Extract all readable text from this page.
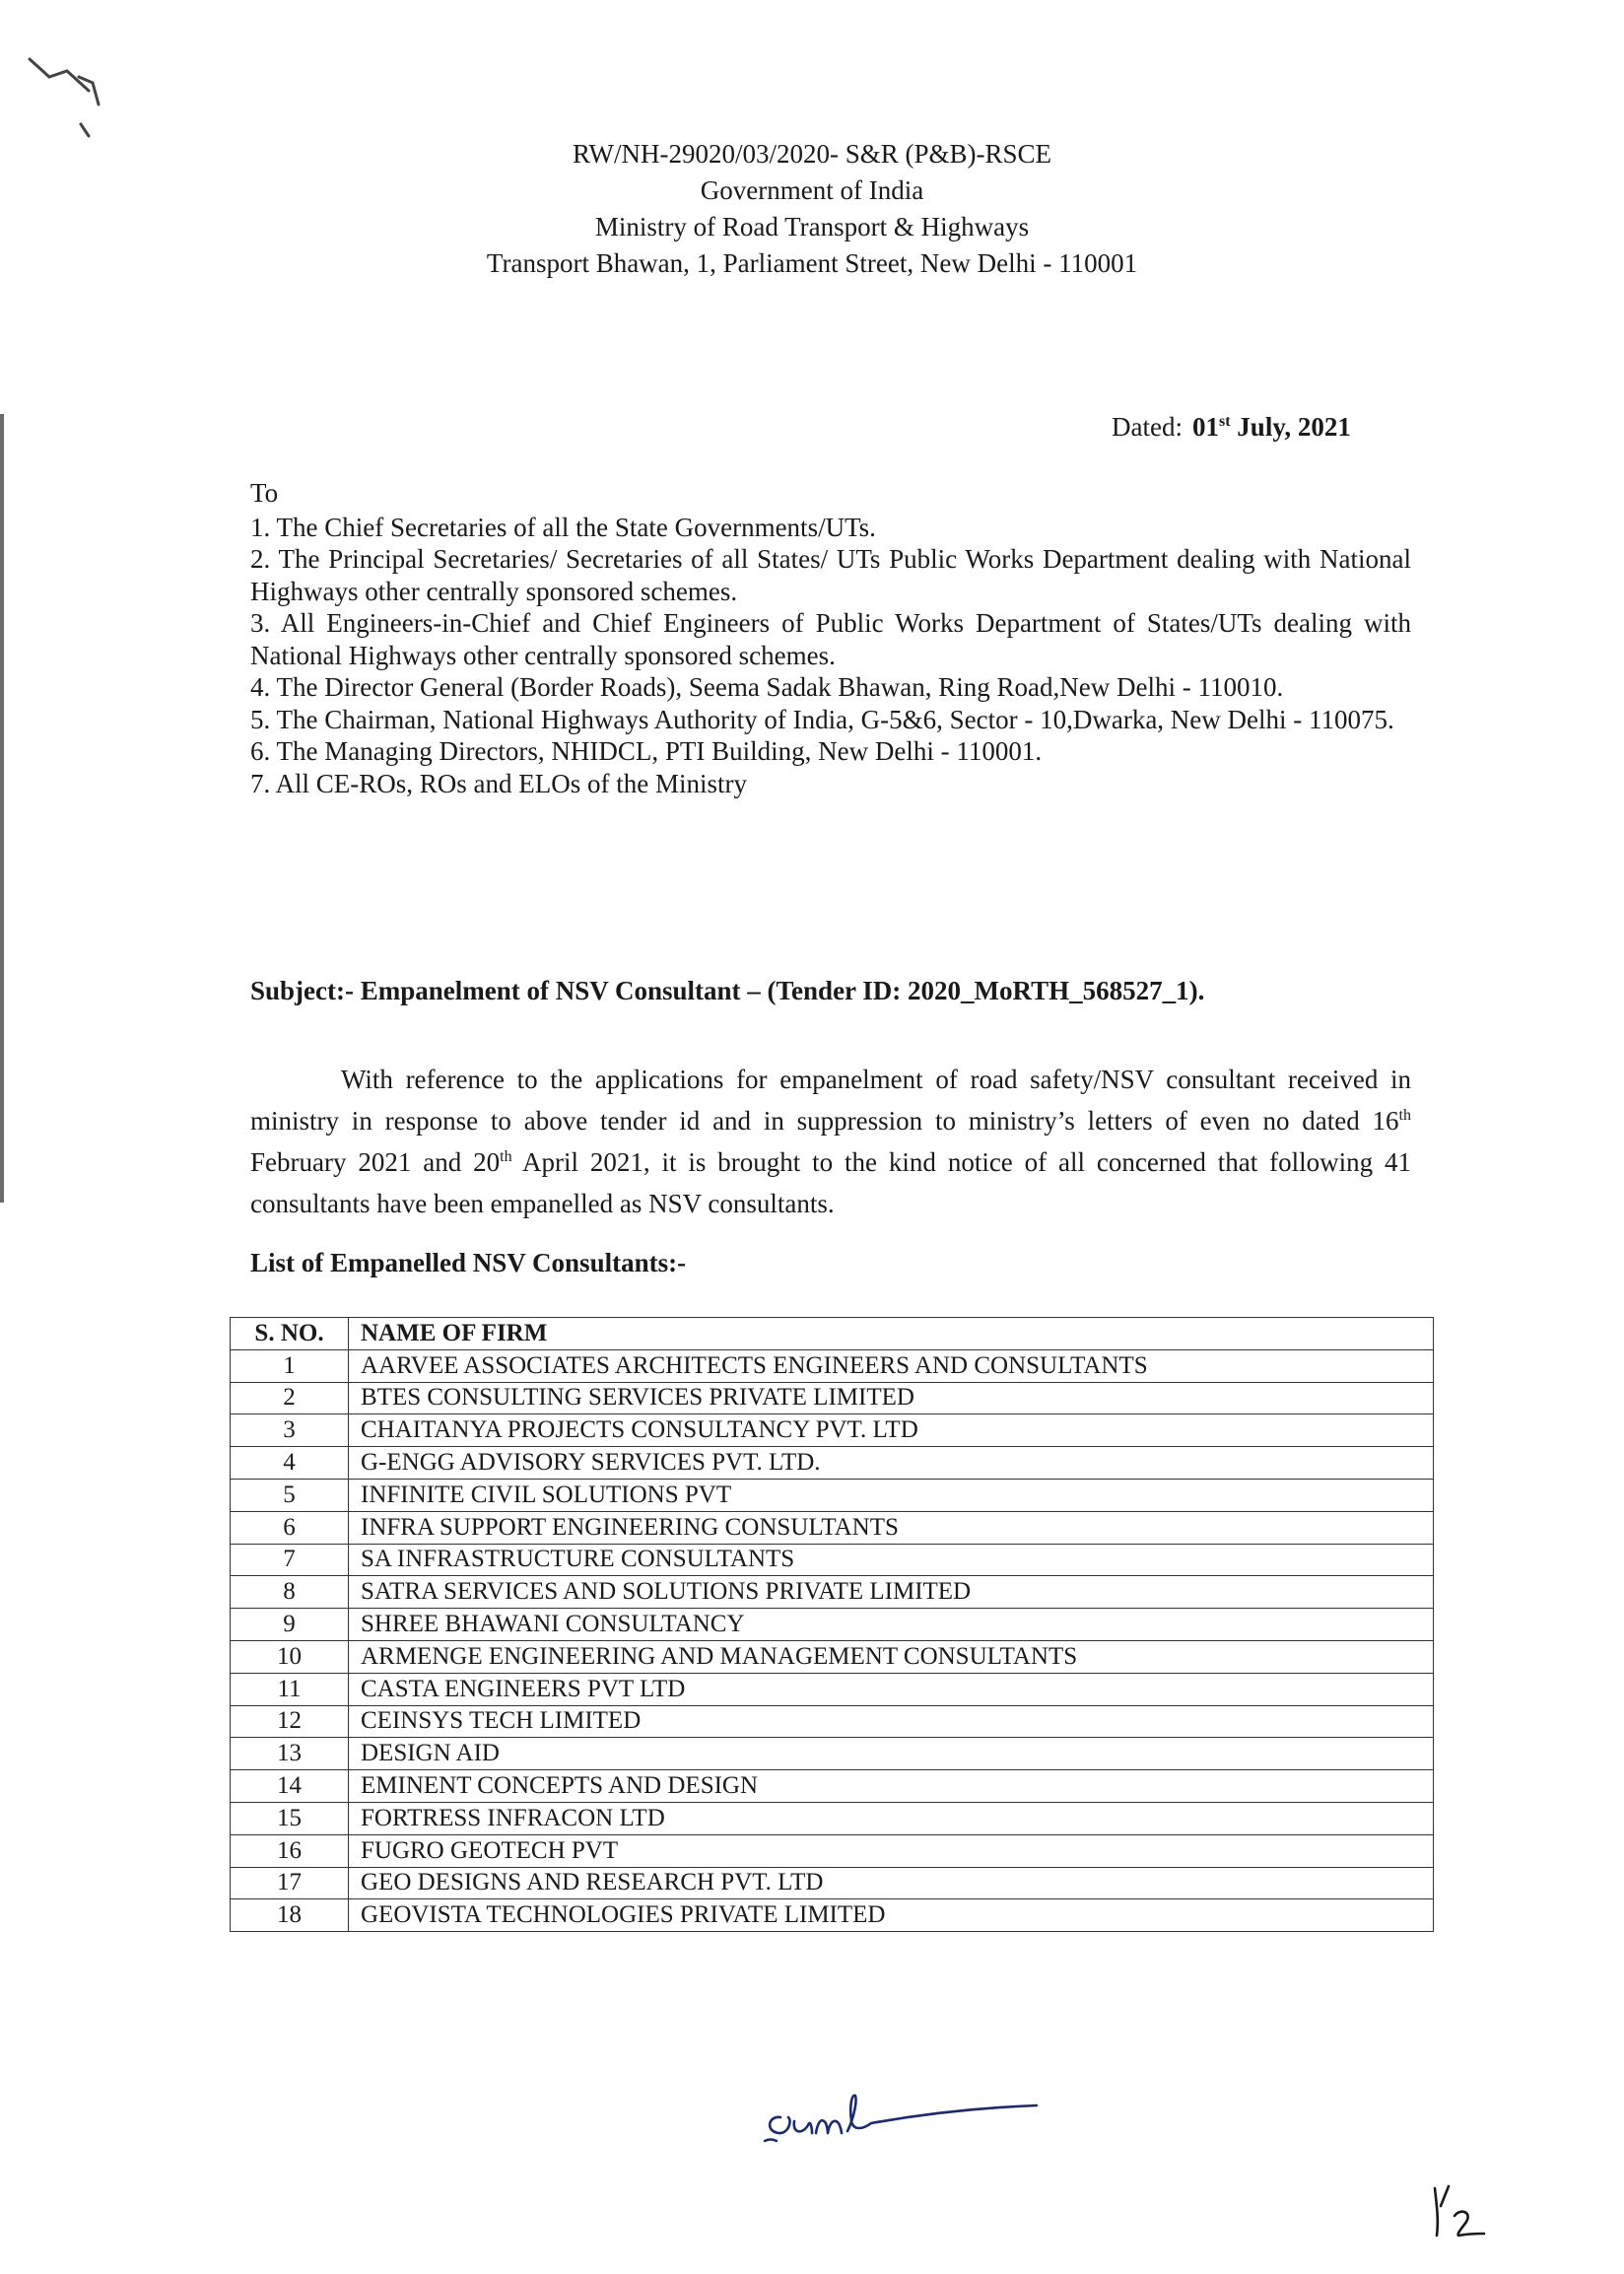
RW/NH-29020/03/2020- S&R (P&B)-RSCE
Government of India
Ministry of Road Transport & Highways
Transport Bhawan, 1, Parliament Street, New Delhi - 110001
Dated: 01st July, 2021
To
1. The Chief Secretaries of all the State Governments/UTs.
2. The Principal Secretaries/ Secretaries of all States/ UTs Public Works Department dealing with National Highways other centrally sponsored schemes.
3. All Engineers-in-Chief and Chief Engineers of Public Works Department of States/UTs dealing with National Highways other centrally sponsored schemes.
4. The Director General (Border Roads), Seema Sadak Bhawan, Ring Road,New Delhi - 110010.
5. The Chairman, National Highways Authority of India, G-5&6, Sector - 10,Dwarka, New Delhi - 110075.
6. The Managing Directors, NHIDCL, PTI Building, New Delhi - 110001.
7. All CE-ROs, ROs and ELOs of the Ministry
Subject:- Empanelment of NSV Consultant – (Tender ID: 2020_MoRTH_568527_1).
With reference to the applications for empanelment of road safety/NSV consultant received in ministry in response to above tender id and in suppression to ministry’s letters of even no dated 16th February 2021 and 20th April 2021, it is brought to the kind notice of all concerned that following 41 consultants have been empanelled as NSV consultants.
List of Empanelled NSV Consultants:-
S. NO.	NAME OF FIRM
1	AARVEE ASSOCIATES ARCHITECTS ENGINEERS AND CONSULTANTS
2	BTES CONSULTING SERVICES PRIVATE LIMITED
3	CHAITANYA PROJECTS CONSULTANCY PVT. LTD
4	G-ENGG ADVISORY SERVICES PVT. LTD.
5	INFINITE CIVIL SOLUTIONS PVT
6	INFRA SUPPORT ENGINEERING CONSULTANTS
7	SA INFRASTRUCTURE CONSULTANTS
8	SATRA SERVICES AND SOLUTIONS PRIVATE LIMITED
9	SHREE BHAWANI CONSULTANCY
10	ARMENGE ENGINEERING AND MANAGEMENT CONSULTANTS
11	CASTA ENGINEERS PVT LTD
12	CEINSYS TECH LIMITED
13	DESIGN AID
14	EMINENT CONCEPTS AND DESIGN
15	FORTRESS INFRACON LTD
16	FUGRO GEOTECH PVT
17	GEO DESIGNS AND RESEARCH PVT. LTD
18	GEOVISTA TECHNOLOGIES PRIVATE LIMITED
